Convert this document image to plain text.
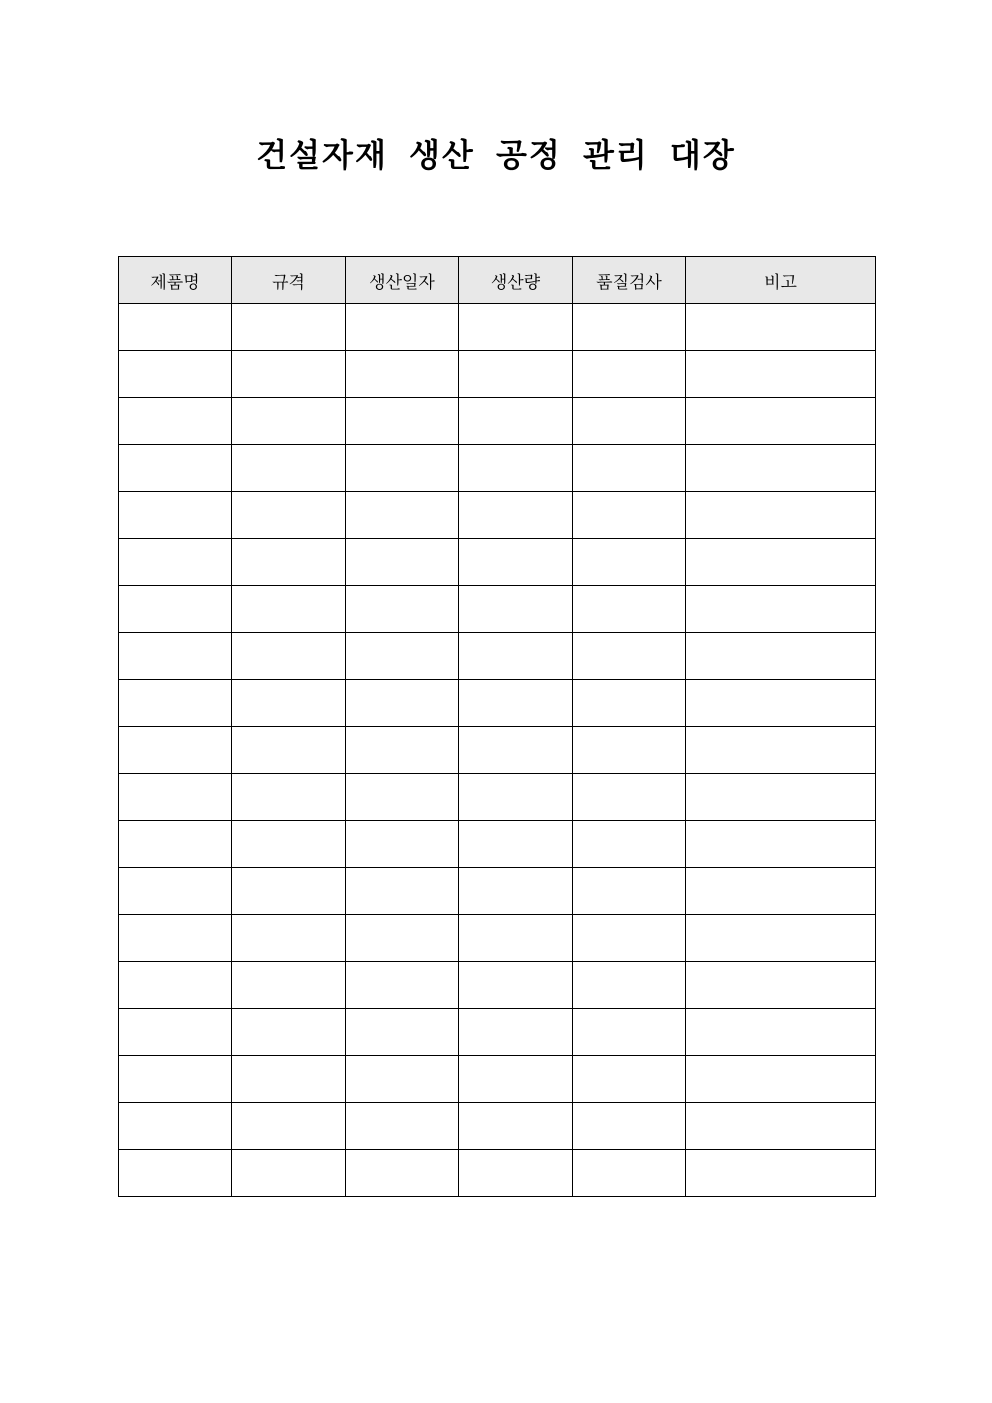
건설자재 생산 공정 관리 대장
제품명	규격	생산일자	생산량	품질검사	비고
